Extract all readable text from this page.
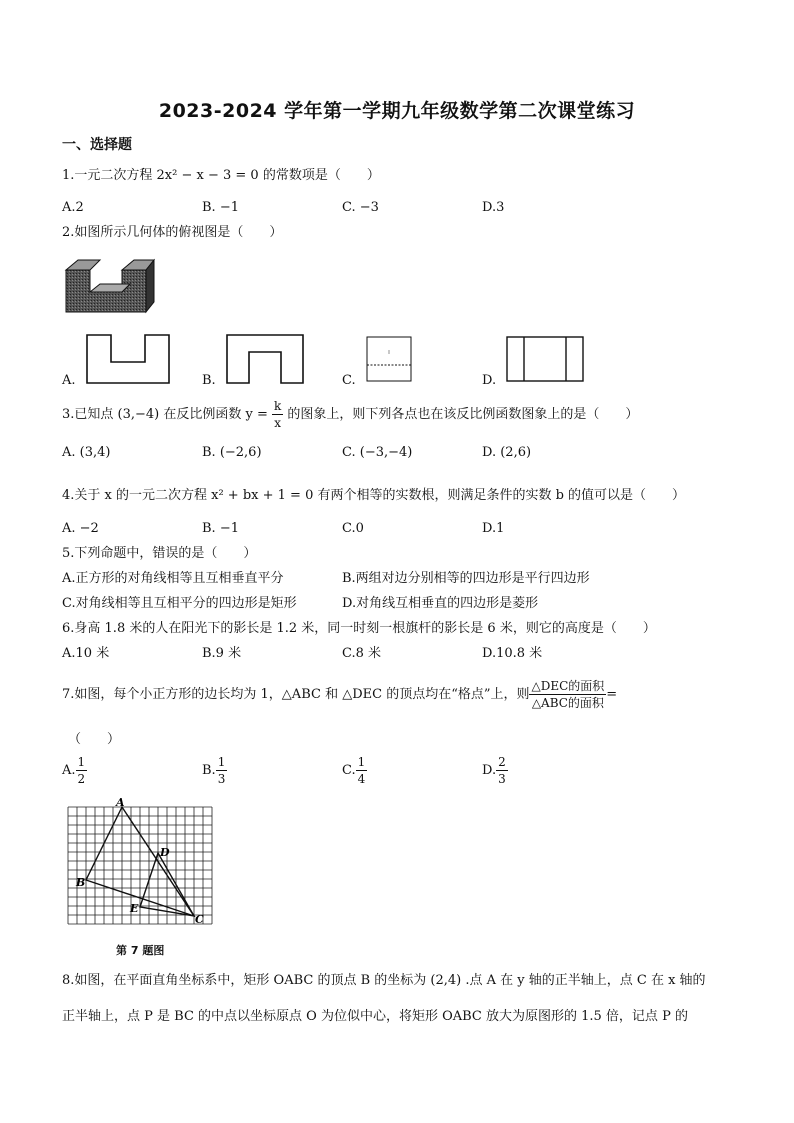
2023-2024 学年第一学期九年级数学第二次课堂练习
一、选择题
1.一元二次方程 2x² − x − 3 = 0 的常数项是（　　）
A.2	B. −1	C. −3	D.3
2.如图所示几何体的俯视图是（　　）
A.	B.	C.	D.
3.已知点 (3,−4) 在反比例函数 $y = \frac{k}{x}$ 的图象上，则下列各点也在该反比例函数图象上的是（　　）
A. (3,4)	B. (−2,6)	C. (−3,−4)	D. (2,6)
4.关于 x 的一元二次方程 x² + bx + 1 = 0 有两个相等的实数根，则满足条件的实数 b 的值可以是（　　）
A. −2	B. −1	C.0	D.1
5.下列命题中，错误的是（　　）
A.正方形的对角线相等且互相垂直平分	B.两组对边分别相等的四边形是平行四边形
C.对角线相等且互相平分的四边形是矩形	D.对角线互相垂直的四边形是菱形
6.身高 1.8 米的人在阳光下的影长是 1.2 米，同一时刻一根旗杆的影长是 6 米，则它的高度是（　　）
A.10 米	B.9 米	C.8 米	D.10.8 米
7.如图，每个小正方形的边长均为 1，△ABC 和 △DEC 的顶点均在“格点”上，则 $\frac{\text{△DEC的面积}}{\text{△ABC的面积}}$ =
（　　）
A. $\frac{1}{2}$	B. $\frac{1}{3}$	C. $\frac{1}{4}$	D. $\frac{2}{3}$
A
B
C
D
E
第 7 题图
8.如图，在平面直角坐标系中，矩形 OABC 的顶点 B 的坐标为 (2,4) .点 A 在 y 轴的正半轴上，点 C 在 x 轴的
正半轴上，点 P 是 BC 的中点以坐标原点 O 为位似中心，将矩形 OABC 放大为原图形的 1.5 倍，记点 P 的
